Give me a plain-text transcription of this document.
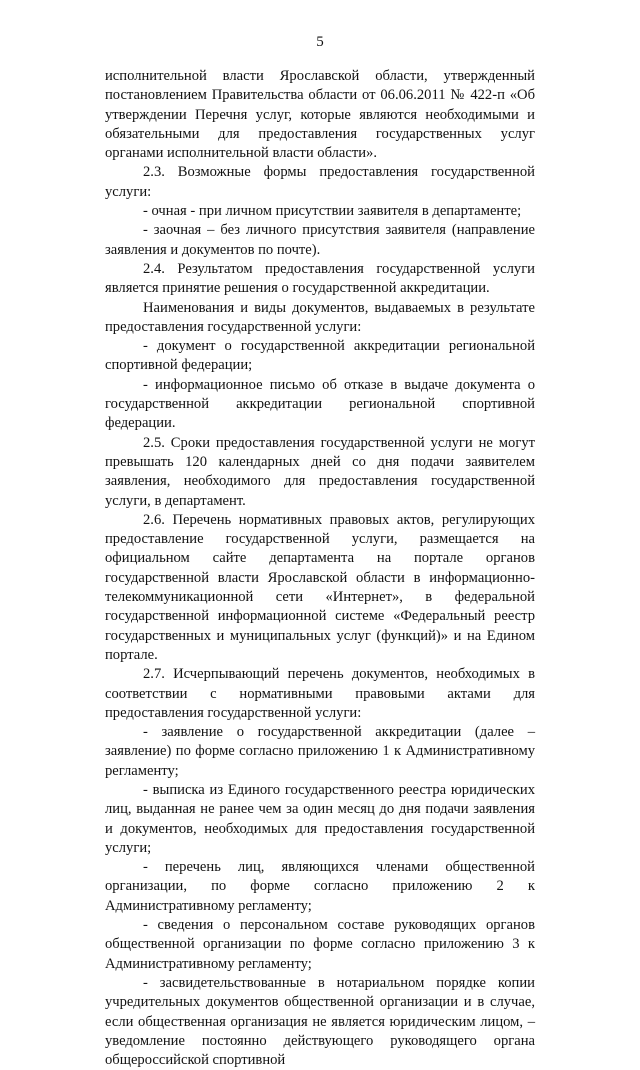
5

исполнительной власти Ярославской области, утвержденный постановлением Правительства области от 06.06.2011 № 422-п «Об утверждении Перечня услуг, которые являются необходимыми и обязательными для предоставления государственных услуг органами исполнительной власти области».

2.3. Возможные формы предоставления государственной услуги:

- очная - при личном присутствии заявителя в департаменте;

- заочная – без личного присутствия заявителя (направление заявления и документов по почте).

2.4. Результатом предоставления государственной услуги является принятие решения о государственной аккредитации.

Наименования и виды документов, выдаваемых в результате предоставления государственной услуги:

- документ о государственной аккредитации региональной спортивной федерации;

- информационное письмо об отказе в выдаче документа о государственной аккредитации региональной спортивной федерации.

2.5. Сроки предоставления государственной услуги не могут превышать 120 календарных дней со дня подачи заявителем заявления, необходимого для предоставления государственной услуги, в департамент.

2.6. Перечень нормативных правовых актов, регулирующих предоставление государственной услуги, размещается на официальном сайте департамента на портале органов государственной власти Ярославской области в информационно-телекоммуникационной сети «Интернет», в федеральной государственной информационной системе «Федеральный реестр государственных и муниципальных услуг (функций)» и на Едином портале.

2.7. Исчерпывающий перечень документов, необходимых в соответствии с нормативными правовыми актами для предоставления государственной услуги:

- заявление о государственной аккредитации (далее – заявление) по форме согласно приложению 1 к Административному регламенту;

- выписка из Единого государственного реестра юридических лиц, выданная не ранее чем за один месяц до дня подачи заявления и документов, необходимых для предоставления государственной услуги;

- перечень лиц, являющихся членами общественной организации, по форме согласно приложению 2 к Административному регламенту;

- сведения о персональном составе руководящих органов общественной организации по форме согласно приложению 3 к Административному регламенту;

- засвидетельствованные в нотариальном порядке копии учредительных документов общественной организации и в случае, если общественная организация не является юридическим лицом, – уведомление постоянно действующего руководящего органа общероссийской спортивной
